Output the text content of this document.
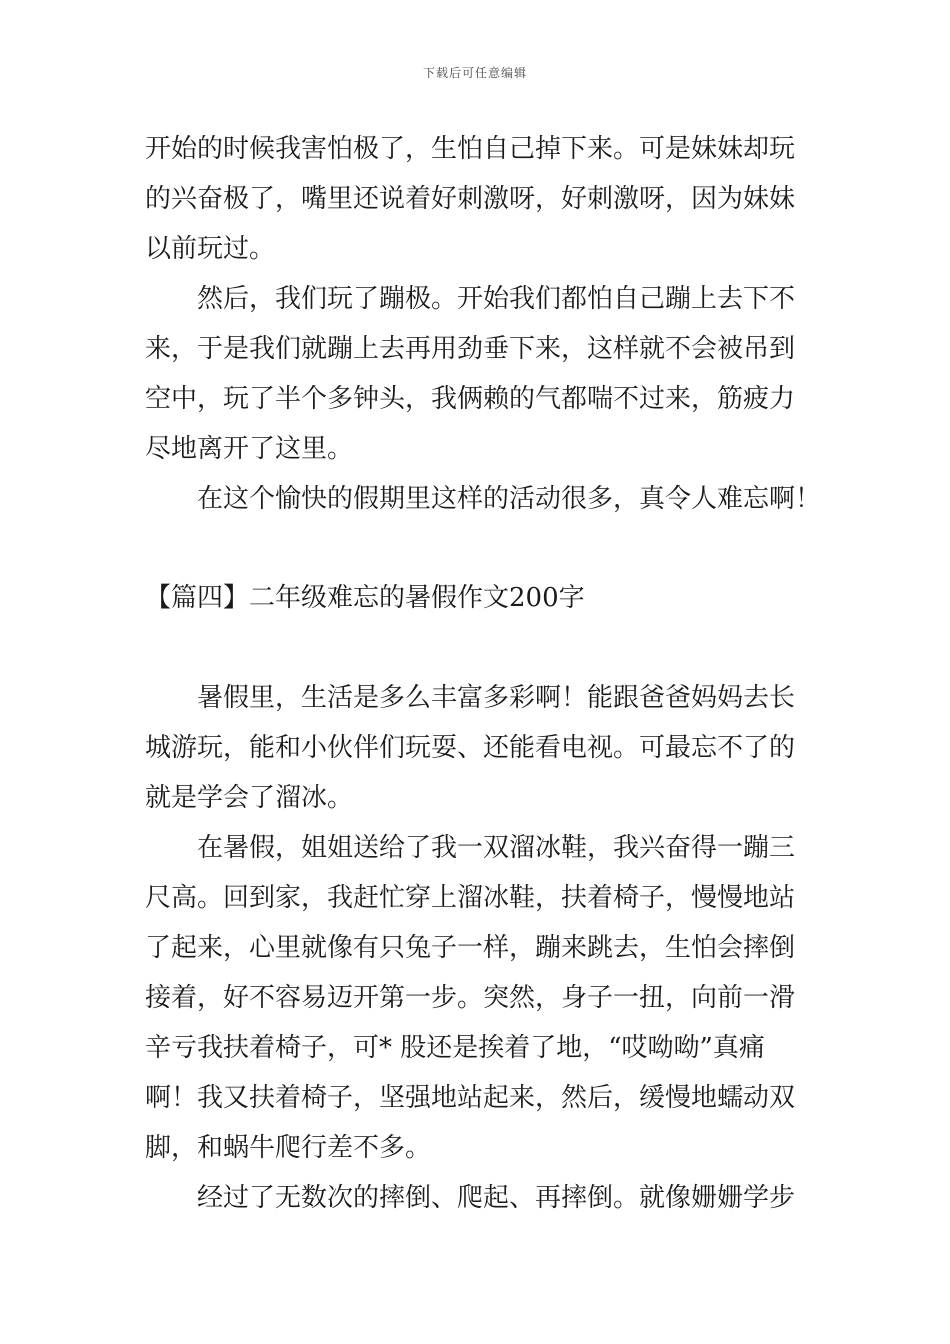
下载后可任意编辑
开始的时候我害怕极了，生怕自己掉下来。可是妹妹却玩
的兴奋极了，嘴里还说着好刺激呀，好刺激呀，因为妹妹
以前玩过。
然后，我们玩了蹦极。开始我们都怕自己蹦上去下不
来，于是我们就蹦上去再用劲垂下来，这样就不会被吊到
空中，玩了半个多钟头，我俩赖的气都喘不过来，筋疲力
尽地离开了这里。
在这个愉快的假期里这样的活动很多，真令人难忘啊！
【篇四】二年级难忘的暑假作文200字
暑假里，生活是多么丰富多彩啊！能跟爸爸妈妈去长
城游玩，能和小伙伴们玩耍、还能看电视。可最忘不了的
就是学会了溜冰。
在暑假，姐姐送给了我一双溜冰鞋，我兴奋得一蹦三
尺高。回到家，我赶忙穿上溜冰鞋，扶着椅子，慢慢地站
了起来，心里就像有只兔子一样，蹦来跳去，生怕会摔倒
接着，好不容易迈开第一步。突然，身子一扭，向前一滑
辛亏我扶着椅子，可* 股还是挨着了地，“哎呦呦”真痛
啊！我又扶着椅子，坚强地站起来，然后，缓慢地蠕动双
脚，和蜗牛爬行差不多。
经过了无数次的摔倒、爬起、再摔倒。就像姗姗学步
